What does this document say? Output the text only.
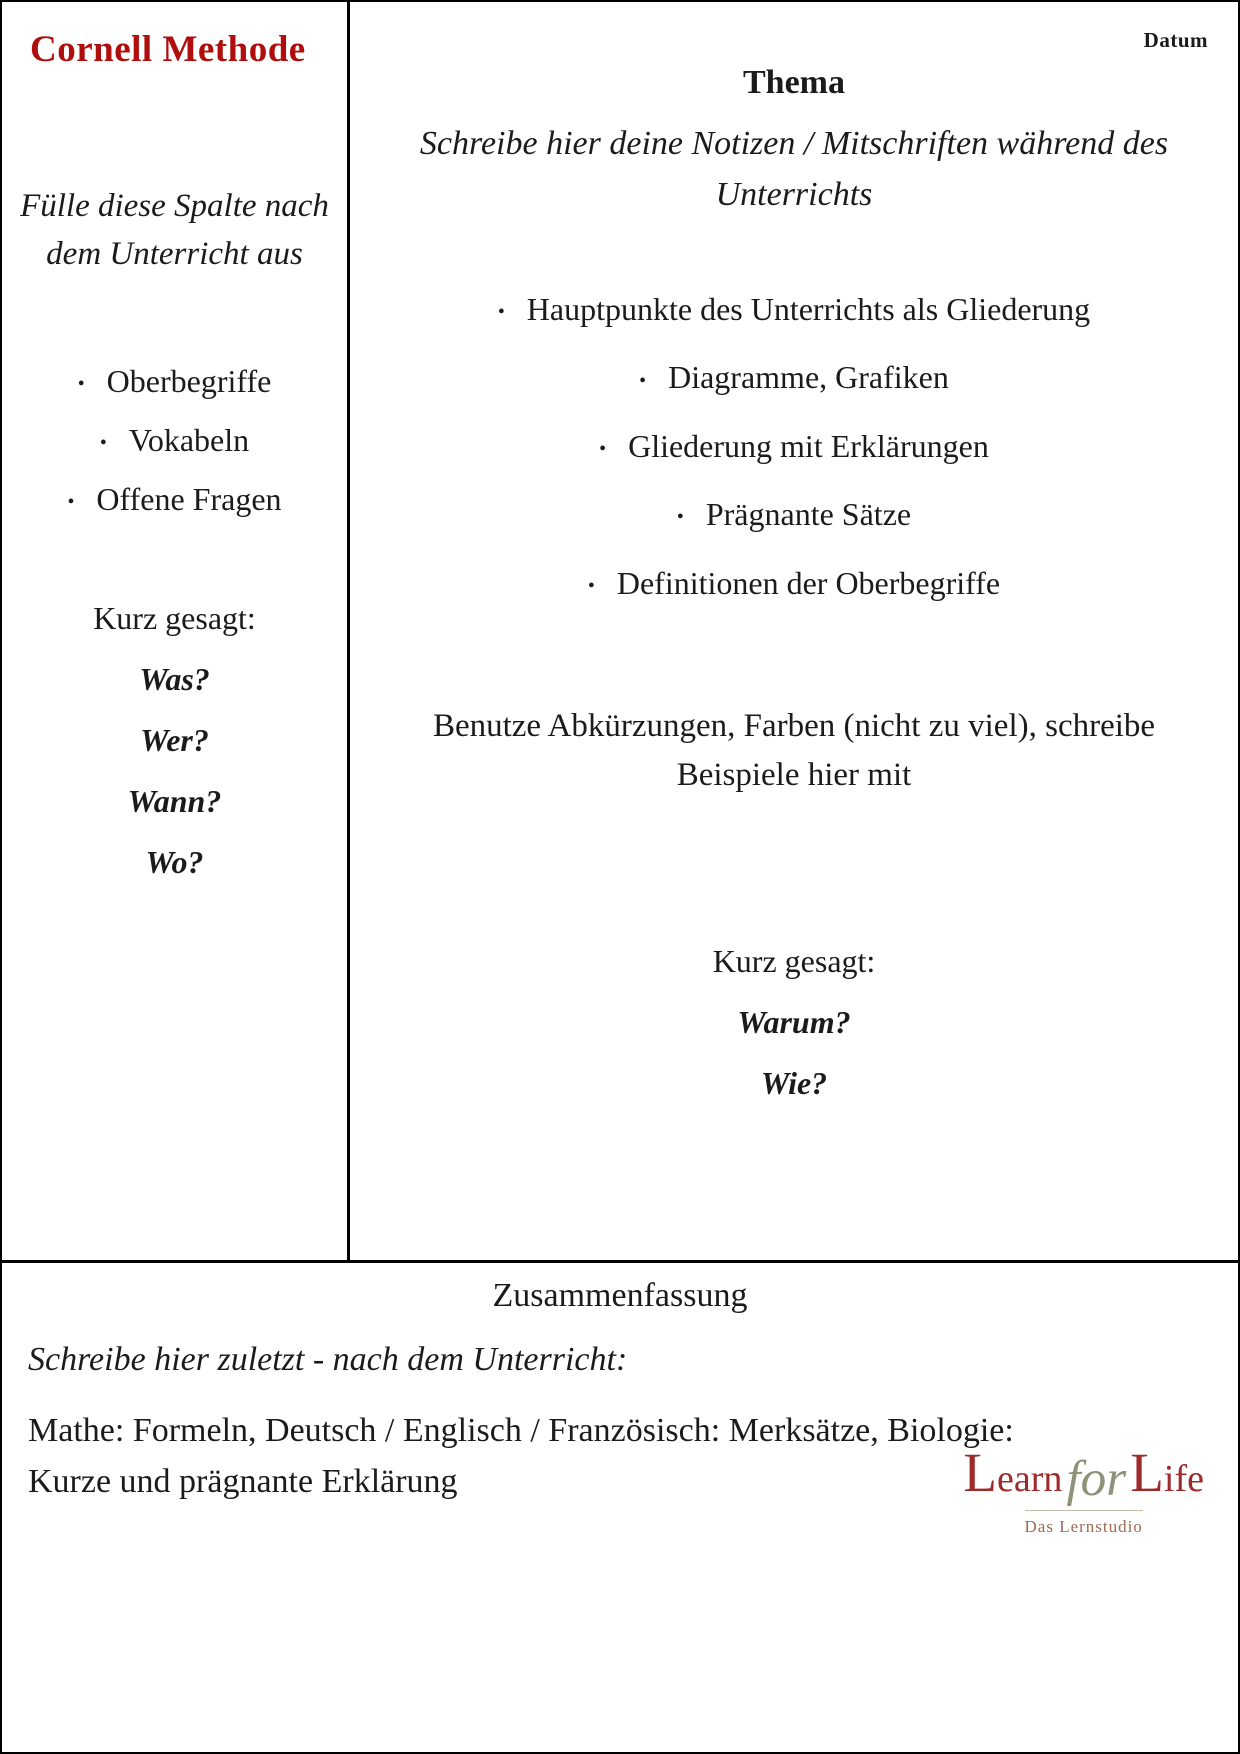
Cornell Methode
Fülle diese Spalte nach dem Unterricht aus
• Oberbegriffe
• Vokabeln
• Offene Fragen
Kurz gesagt:
Was?
Wer?
Wann?
Wo?
Datum
Thema
Schreibe hier deine Notizen / Mitschriften während des Unterrichts
• Hauptpunkte des Unterrichts als Gliederung
• Diagramme, Grafiken
• Gliederung mit Erklärungen
• Prägnante Sätze
• Definitionen der Oberbegriffe
Benutze Abkürzungen, Farben (nicht zu viel), schreibe Beispiele hier mit
Kurz gesagt:
Warum?
Wie?
Zusammenfassung
Schreibe hier zuletzt - nach dem Unterricht:
Mathe: Formeln, Deutsch / Englisch / Französisch: Merksätze, Biologie: Kurze und prägnante Erklärung	Learnfor Life
Das Lernstudio
